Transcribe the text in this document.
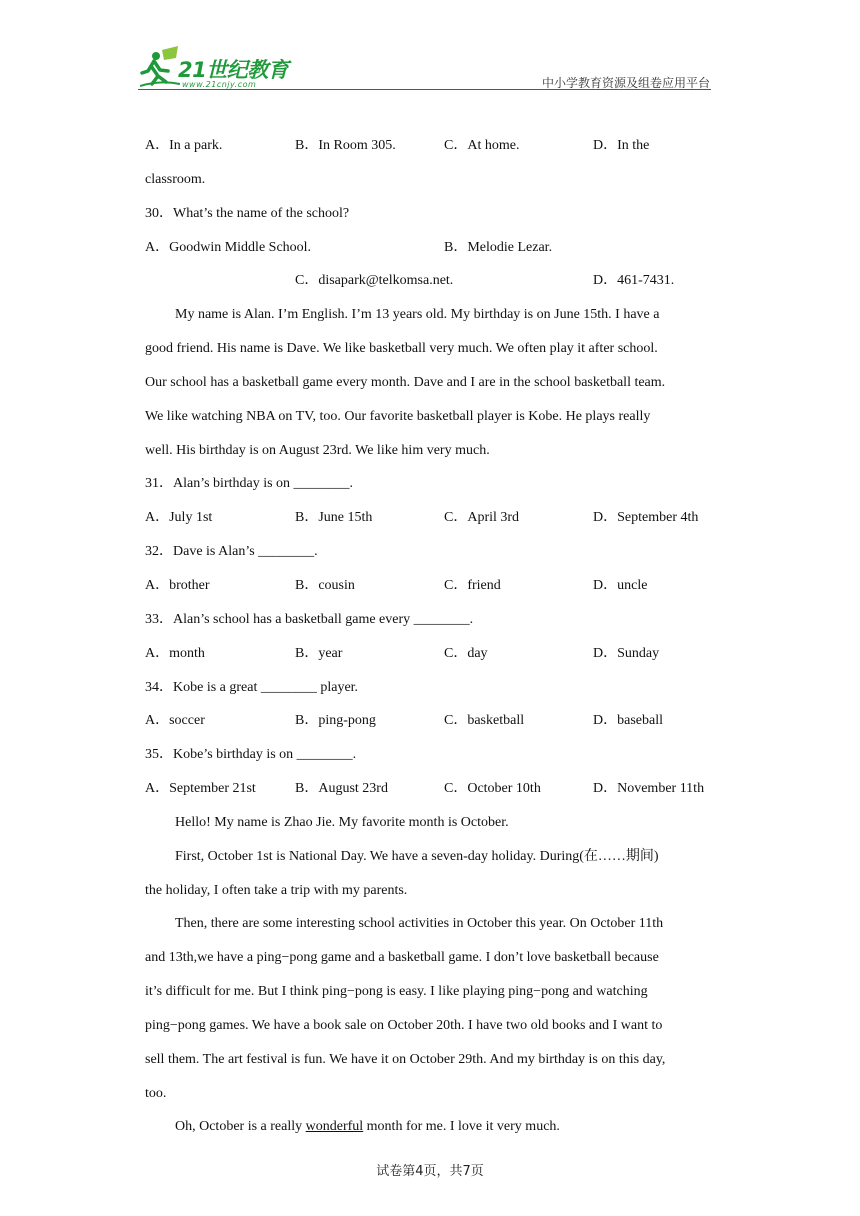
21世纪教育
www.21cnjy.com	中小学教育资源及组卷应用平台
A．In a park.	B．In Room 305.	C．At home.	D．In the
classroom.
30．What’s the name of the school?
A．Goodwin Middle School.	B．Melodie Lezar.
C．disapark@telkomsa.net.	D．461-7431.
My name is Alan. I’m English. I’m 13 years old. My birthday is on June 15th. I have a
good friend. His name is Dave. We like basketball very much. We often play it after school.
Our school has a basketball game every month. Dave and I are in the school basketball team.
We like watching NBA on TV, too. Our favorite basketball player is Kobe. He plays really
well. His birthday is on August 23rd. We like him very much.
31．Alan’s birthday is on ________.
A．July 1st	B．June 15th	C．April 3rd	D．September 4th
32．Dave is Alan’s ________.
A．brother	B．cousin	C．friend	D．uncle
33．Alan’s school has a basketball game every ________.
A．month	B．year	C．day	D．Sunday
34．Kobe is a great ________ player.
A．soccer	B．ping-pong	C．basketball	D．baseball
35．Kobe’s birthday is on ________.
A．September 21st	B．August 23rd	C．October 10th	D．November 11th
Hello! My name is Zhao Jie. My favorite month is October.
First, October 1st is National Day. We have a seven-day holiday. During(在……期间)
the holiday, I often take a trip with my parents.
Then, there are some interesting school activities in October this year. On October 11th
and 13th,we have a ping−pong game and a basketball game. I don’t love basketball because
it’s difficult for me. But I think ping−pong is easy. I like playing ping−pong and watching
ping−pong games. We have a book sale on October 20th. I have two old books and I want to
sell them. The art festival is fun. We have it on October 29th. And my birthday is on this day,
too.
Oh, October is a really wonderful month for me. I love it very much.
试卷第4页，共7页
